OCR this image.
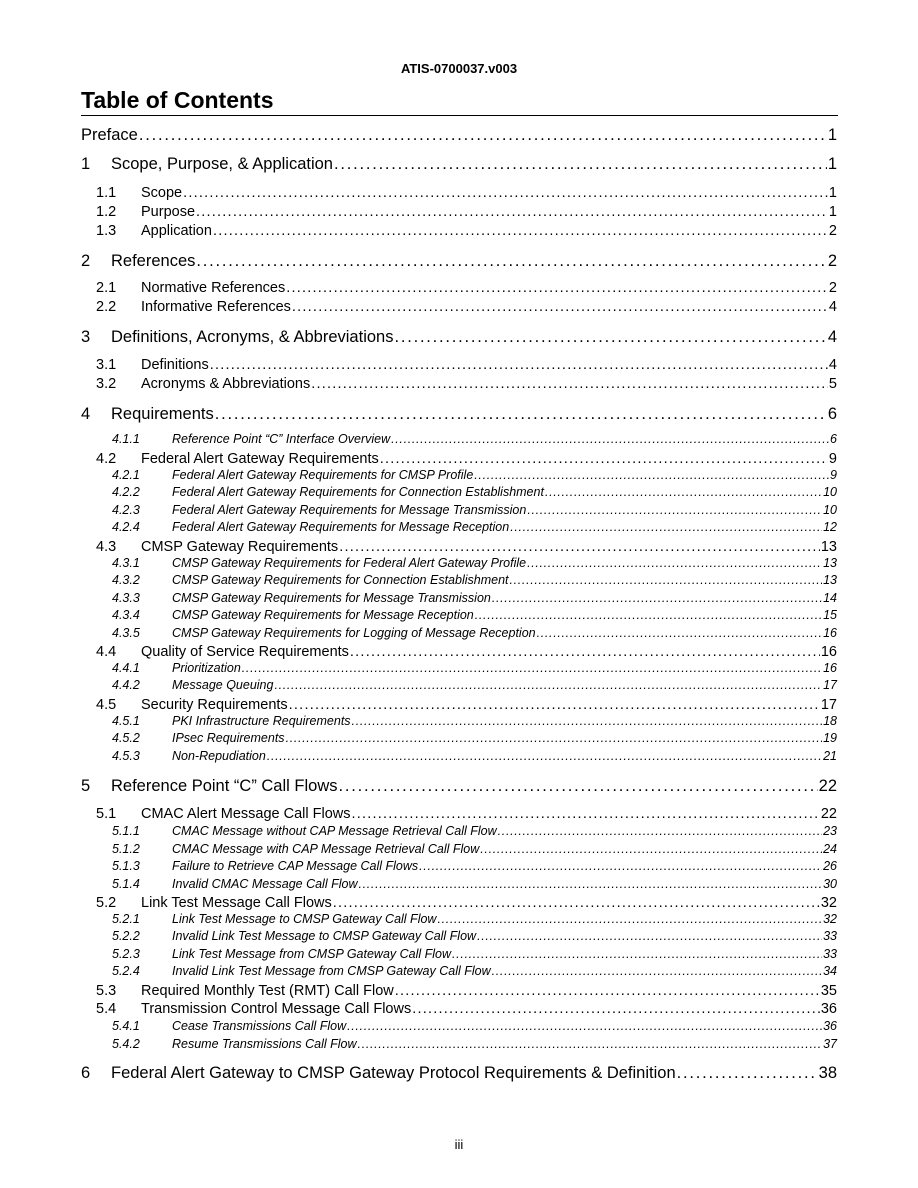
ATIS-0700037.v003
Table of Contents
Preface . . .	1
1	Scope, Purpose, & Application . . .	1
1.1	Scope . . .	1
1.2	Purpose . . .	1
1.3	Application . . .	2
2	References . . .	2
2.1	Normative References . . .	2
2.2	Informative References . . .	4
3	Definitions, Acronyms, & Abbreviations . . .	4
3.1	Definitions . . .	4
3.2	Acronyms & Abbreviations . . .	5
4	Requirements . . .	6
4.1.1	Reference Point “C” Interface Overview . . .	6
4.2	Federal Alert Gateway Requirements . . .	9
4.2.1	Federal Alert Gateway Requirements for CMSP Profile . . .	9
4.2.2	Federal Alert Gateway Requirements for Connection Establishment . . .	10
4.2.3	Federal Alert Gateway Requirements for Message Transmission . . .	10
4.2.4	Federal Alert Gateway Requirements for Message Reception . . .	12
4.3	CMSP Gateway Requirements . . .	13
4.3.1	CMSP Gateway Requirements for Federal Alert Gateway Profile . . .	13
4.3.2	CMSP Gateway Requirements for Connection Establishment . . .	13
4.3.3	CMSP Gateway Requirements for Message Transmission . . .	14
4.3.4	CMSP Gateway Requirements for Message Reception . . .	15
4.3.5	CMSP Gateway Requirements for Logging of Message Reception . . .	16
4.4	Quality of Service Requirements . . .	16
4.4.1	Prioritization . . .	16
4.4.2	Message Queuing . . .	17
4.5	Security Requirements . . .	17
4.5.1	PKI Infrastructure Requirements . . .	18
4.5.2	IPsec Requirements . . .	19
4.5.3	Non-Repudiation . . .	21
5	Reference Point “C” Call Flows . . .	22
5.1	CMAC Alert Message Call Flows . . .	22
5.1.1	CMAC Message without CAP Message Retrieval Call Flow . . .	23
5.1.2	CMAC Message with CAP Message Retrieval Call Flow . . .	24
5.1.3	Failure to Retrieve CAP Message Call Flows . . .	26
5.1.4	Invalid CMAC Message Call Flow . . .	30
5.2	Link Test Message Call Flows . . .	32
5.2.1	Link Test Message to CMSP Gateway Call Flow . . .	32
5.2.2	Invalid Link Test Message to CMSP Gateway Call Flow . . .	33
5.2.3	Link Test Message from CMSP Gateway Call Flow . . .	33
5.2.4	Invalid Link Test Message from CMSP Gateway Call Flow . . .	34
5.3	Required Monthly Test (RMT) Call Flow . . .	35
5.4	Transmission Control Message Call Flows . . .	36
5.4.1	Cease Transmissions Call Flow . . .	36
5.4.2	Resume Transmissions Call Flow . . .	37
6	Federal Alert Gateway to CMSP Gateway Protocol Requirements & Definition . . .	38
iii
